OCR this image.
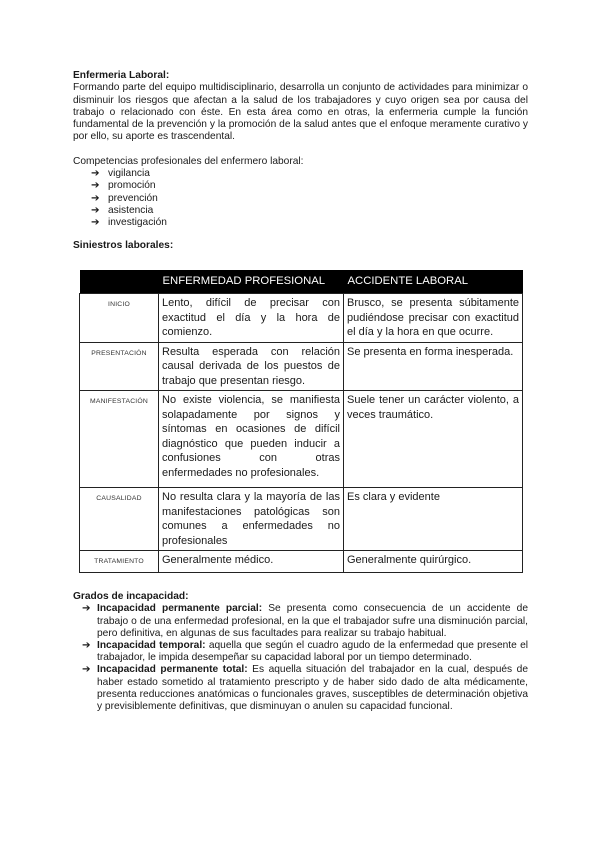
Enfermeria Laboral:

Formando parte del equipo multidisciplinario, desarrolla un conjunto de actividades para minimizar o disminuir los riesgos que afectan a la salud de los trabajadores y cuyo origen sea por causa del trabajo o relacionado con éste. En esta área como en otras, la enfermeria cumple la función fundamental de la prevención y la promoción de la salud antes que el enfoque meramente curativo y por ello, su aporte es trascendental.

Competencias profesionales del enfermero laboral:
➔ vigilancia
➔ promoción
➔ prevención
➔ asistencia
➔ investigación
Siniestros laborales:
	ENFERMEDAD PROFESIONAL	ACCIDENTE LABORAL
INICIO	Lento, difícil de precisar con exactitud el día y la hora de comienzo.	Brusco, se presenta súbitamente pudiéndose precisar con exactitud el día y la hora en que ocurre.
PRESENTACIÓN	Resulta esperada con relación causal derivada de los puestos de trabajo que presentan riesgo.	Se presenta en forma inesperada.
MANIFESTACIÓN	No existe violencia, se manifiesta solapadamente por signos y síntomas en ocasiones de difícil diagnóstico que pueden inducir a confusiones con otras enfermedades no profesionales.	Suele tener un carácter violento, a veces traumático.
CAUSALIDAD	No resulta clara y la mayoría de las manifestaciones patológicas son comunes a enfermedades no profesionales	Es clara y evidente
TRATAMIENTO	Generalmente médico.	Generalmente quirúrgico.
Grados de incapacidad:
➔ Incapacidad permanente parcial: Se presenta como consecuencia de un accidente de trabajo o de una enfermedad profesional, en la que el trabajador sufre una disminución parcial, pero definitiva, en algunas de sus facultades para realizar su trabajo habitual.
➔ Incapacidad temporal: aquella que según el cuadro agudo de la enfermedad que presente el trabajador, le impida desempeñar su capacidad laboral por un tiempo determinado.
➔ Incapacidad permanente total: Es aquella situación del trabajador en la cual, después de haber estado sometido al tratamiento prescripto y de haber sido dado de alta médicamente, presenta reducciones anatómicas o funcionales graves, susceptibles de determinación objetiva y previsiblemente definitivas, que disminuyan o anulen su capacidad funcional.
